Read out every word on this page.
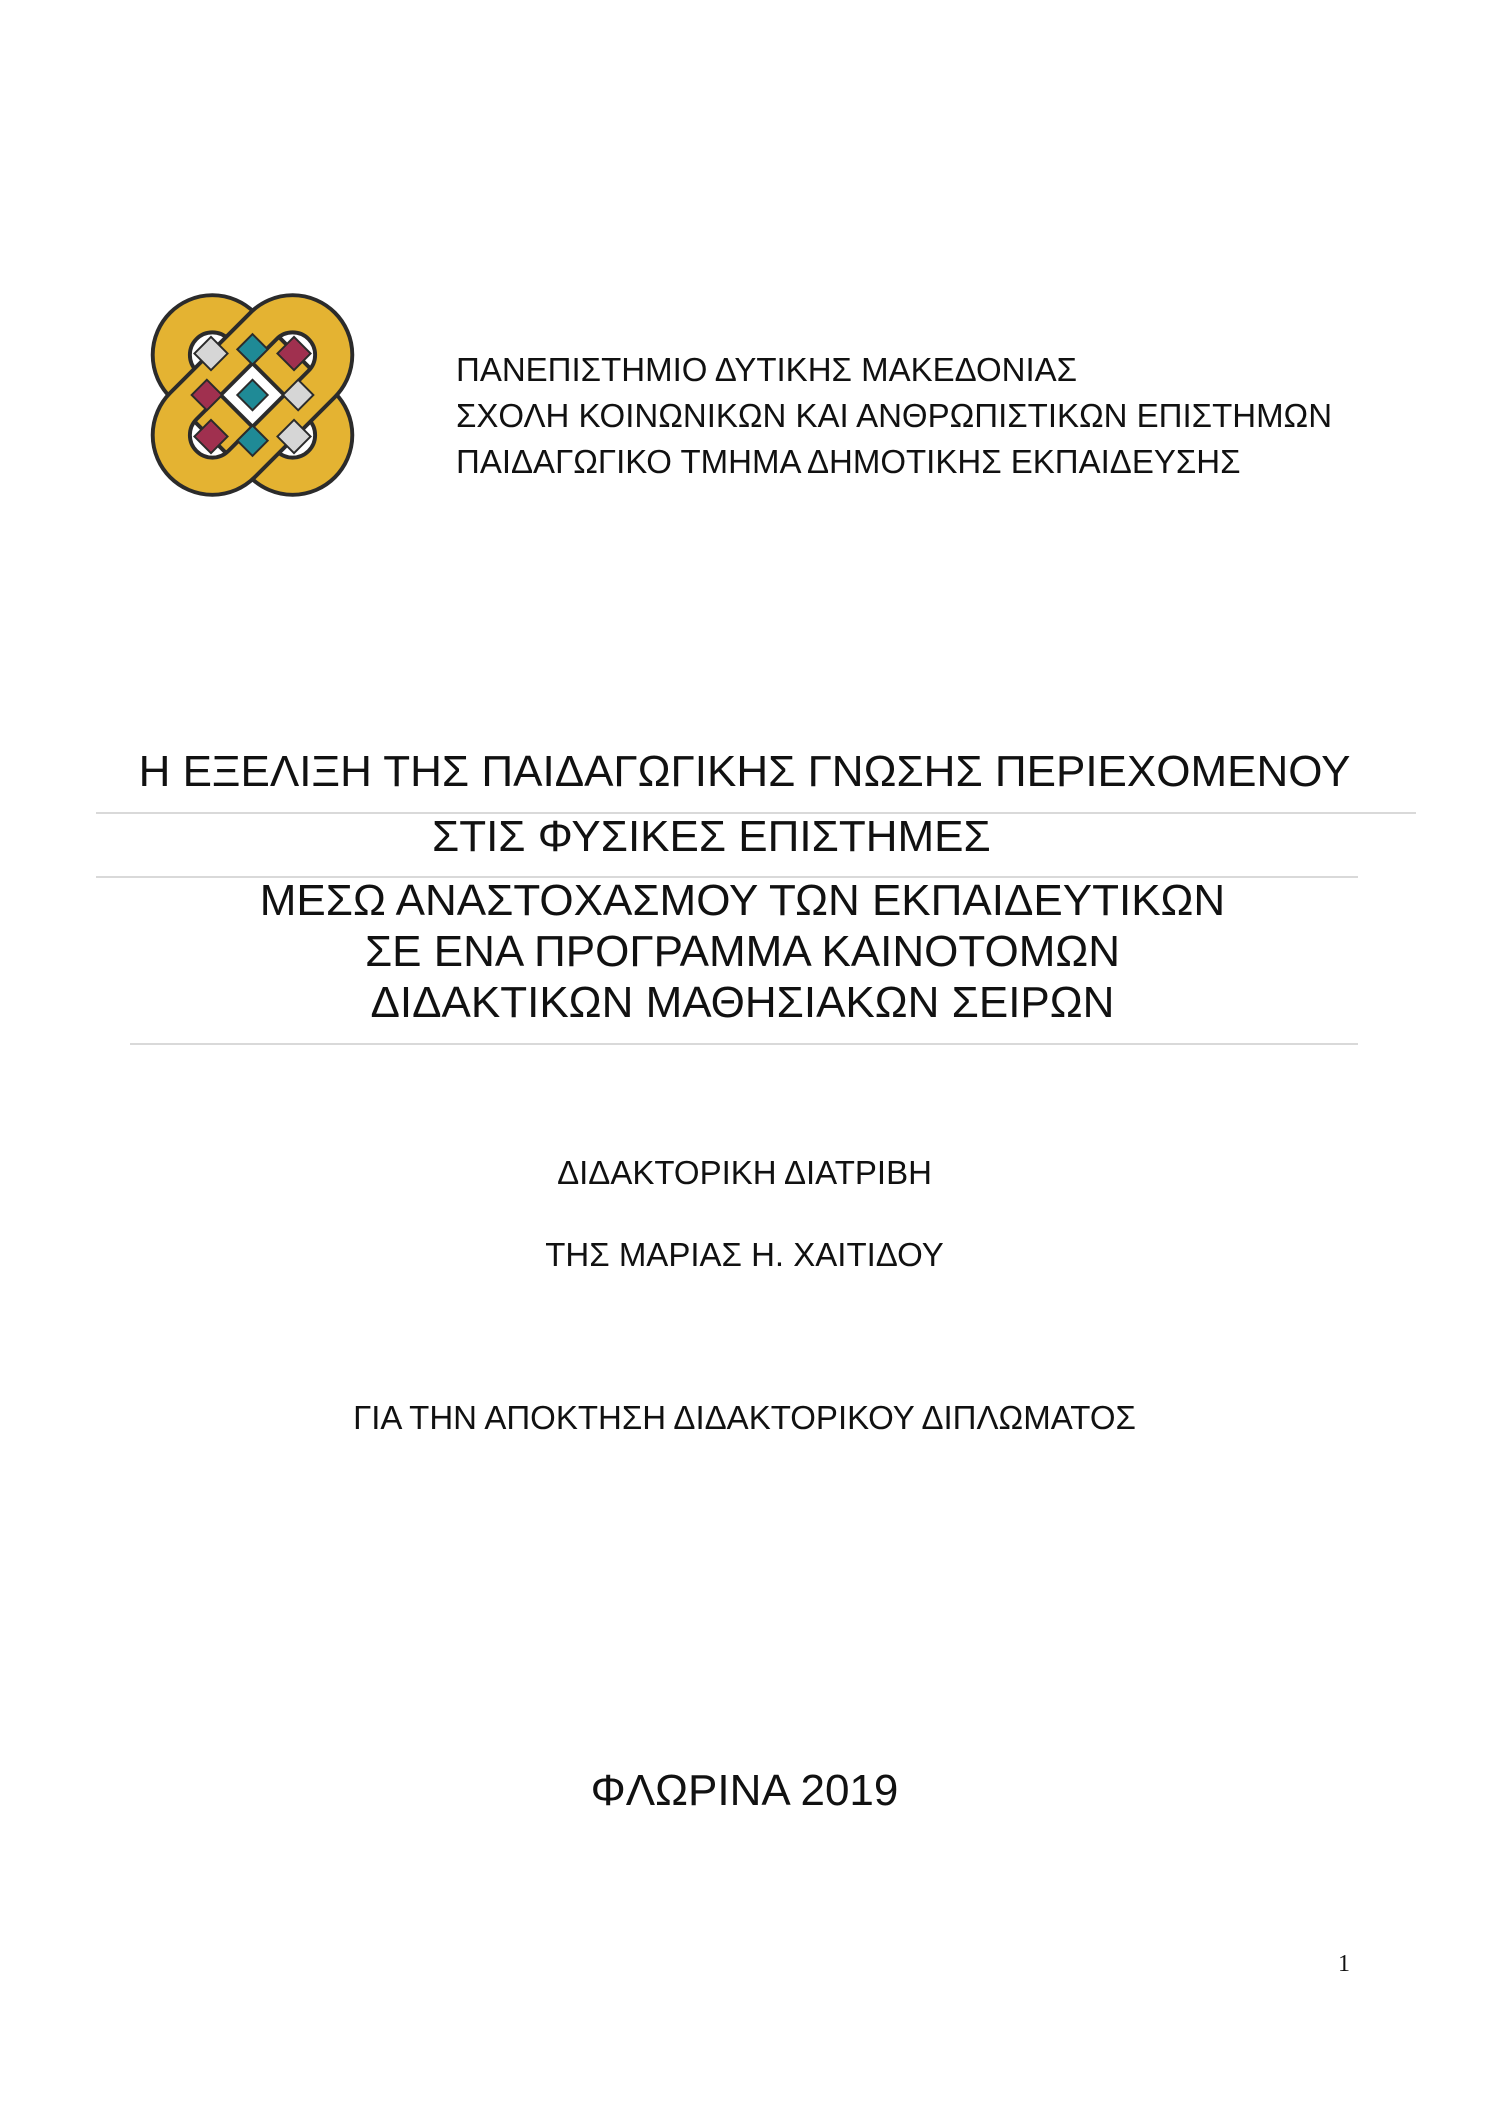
ΠΑΝΕΠΙΣΤΗΜΙΟ ΔΥΤΙΚΗΣ ΜΑΚΕΔΟΝΙΑΣ
ΣΧΟΛΗ ΚΟΙΝΩΝΙΚΩΝ ΚΑΙ ΑΝΘΡΩΠΙΣΤΙΚΩΝ ΕΠΙΣΤΗΜΩΝ
ΠΑΙΔΑΓΩΓΙΚΟ ΤΜΗΜΑ ΔΗΜΟΤΙΚΗΣ ΕΚΠΑΙΔΕΥΣΗΣ
Η ΕΞΕΛΙΞΗ ΤΗΣ ΠΑΙΔΑΓΩΓΙΚΗΣ ΓΝΩΣΗΣ ΠΕΡΙΕΧΟΜΕΝΟΥ
ΣΤΙΣ ΦΥΣΙΚΕΣ ΕΠΙΣΤΗΜΕΣ
ΜΕΣΩ ΑΝΑΣΤΟΧΑΣΜΟΥ ΤΩΝ ΕΚΠΑΙΔΕΥΤΙΚΩΝ
ΣΕ ΕΝΑ ΠΡΟΓΡΑΜΜΑ ΚΑΙΝΟΤΟΜΩΝ
ΔΙΔΑΚΤΙΚΩΝ ΜΑΘΗΣΙΑΚΩΝ ΣΕΙΡΩΝ
ΔΙΔΑΚΤΟΡΙΚΗ ΔΙΑΤΡΙΒΗ
ΤΗΣ ΜΑΡΙΑΣ Η. ΧΑΙΤΙΔΟΥ
ΓΙΑ ΤΗΝ ΑΠΟΚΤΗΣΗ ΔΙΔΑΚΤΟΡΙΚΟΥ ΔΙΠΛΩΜΑΤΟΣ
ΦΛΩΡΙΝΑ 2019
1
